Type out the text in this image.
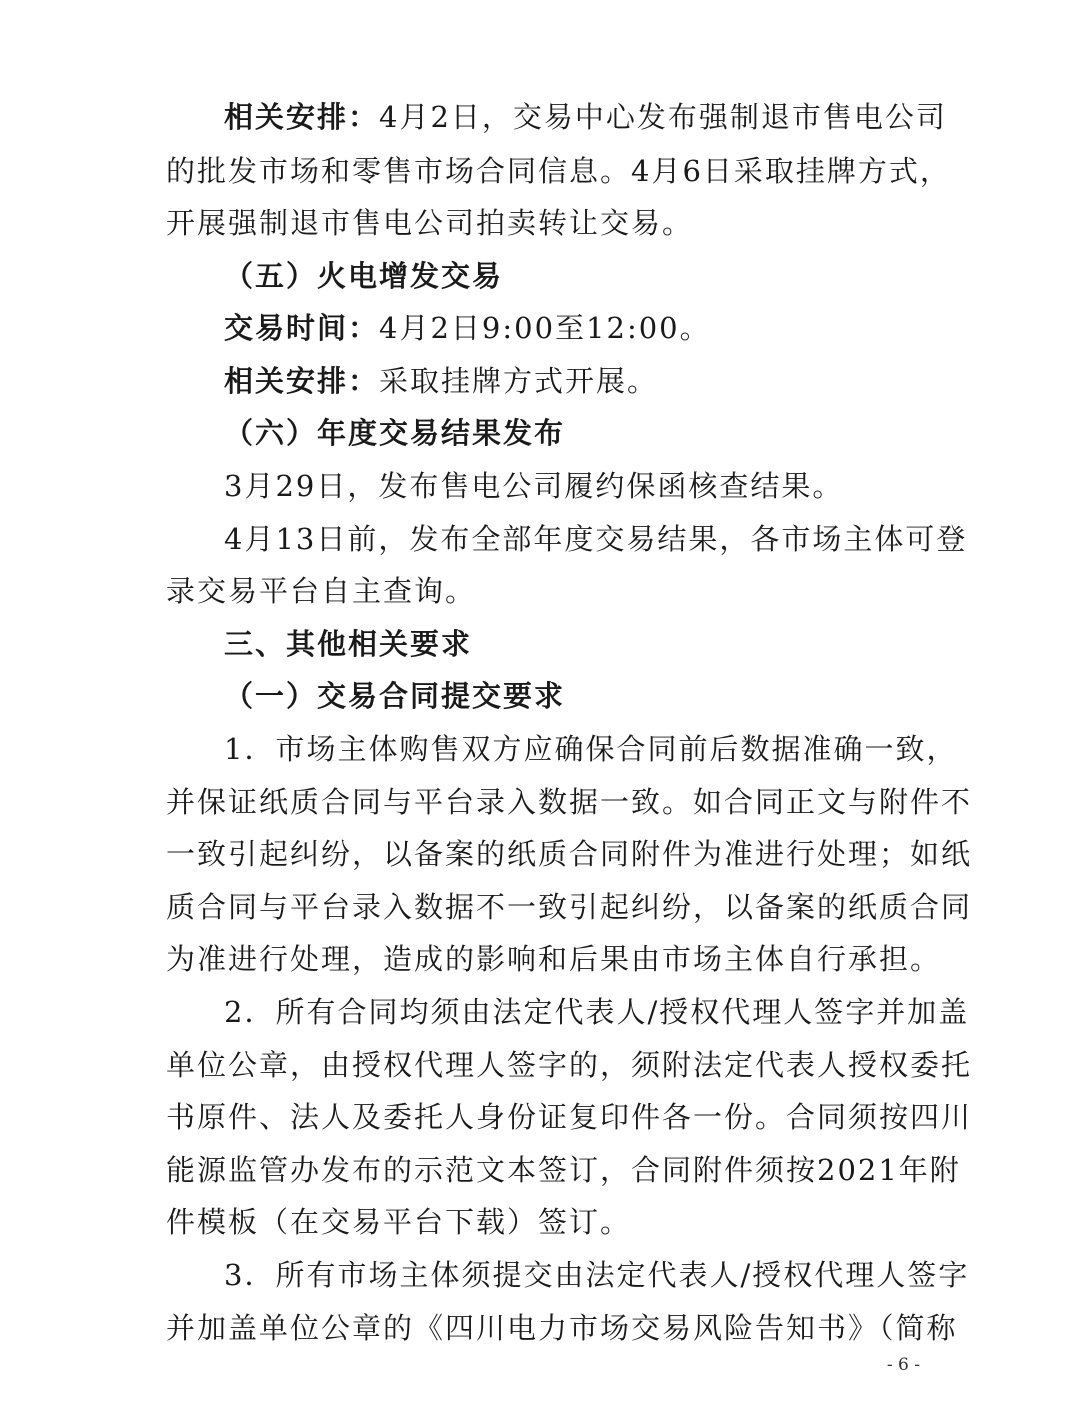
相关安排：4月2日，交易中心发布强制退市售电公司
的批发市场和零售市场合同信息。4月6日采取挂牌方式，
开展强制退市售电公司拍卖转让交易。
（五）火电增发交易
交易时间：4月2日9:00至12:00。
相关安排：采取挂牌方式开展。
（六）年度交易结果发布
3月29日，发布售电公司履约保函核查结果。
4月13日前，发布全部年度交易结果，各市场主体可登
录交易平台自主查询。
三、其他相关要求
（一）交易合同提交要求
1．市场主体购售双方应确保合同前后数据准确一致，
并保证纸质合同与平台录入数据一致。如合同正文与附件不
一致引起纠纷，以备案的纸质合同附件为准进行处理；如纸
质合同与平台录入数据不一致引起纠纷，以备案的纸质合同
为准进行处理，造成的影响和后果由市场主体自行承担。
2．所有合同均须由法定代表人/授权代理人签字并加盖
单位公章，由授权代理人签字的，须附法定代表人授权委托
书原件、法人及委托人身份证复印件各一份。合同须按四川
能源监管办发布的示范文本签订，合同附件须按2021年附
件模板（在交易平台下载）签订。
3．所有市场主体须提交由法定代表人/授权代理人签字
并加盖单位公章的《四川电力市场交易风险告知书》（简称
- 6 -
